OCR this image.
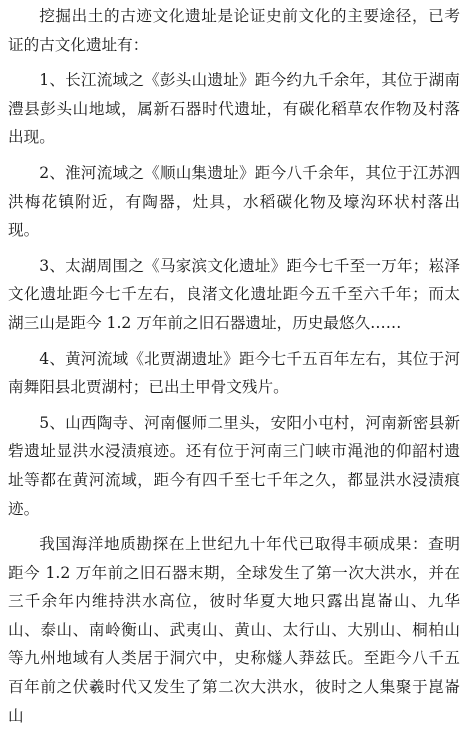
挖掘出土的古迹文化遗址是论证史前文化的主要途径，已考证的古文化遗址有：

1、长江流域之《彭头山遗址》距今约九千余年，其位于湖南澧县彭头山地域，属新石器时代遗址，有碳化稻草农作物及村落出现。

2、淮河流域之《顺山集遗址》距今八千余年，其位于江苏泗洪梅花镇附近，有陶器，灶具，水稻碳化物及壕沟环状村落出现。

3、太湖周围之《马家滨文化遗址》距今七千至一万年；崧泽文化遗址距今七千左右，良渚文化遗址距今五千至六千年；而太湖三山是距今 1.2 万年前之旧石器遗址，历史最悠久……

4、黄河流域《北贾湖遗址》距今七千五百年左右，其位于河南舞阳县北贾湖村；已出土甲骨文残片。

5、山西陶寺、河南偃师二里头，安阳小屯村，河南新密县新砦遗址显洪水浸渍痕迹。还有位于河南三门峡市渑池的仰韶村遗址等都在黄河流域，距今有四千至七千年之久，都显洪水浸渍痕迹。

我国海洋地质勘探在上世纪九十年代已取得丰硕成果：查明距今 1.2 万年前之旧石器末期，全球发生了第一次大洪水，并在三千余年内维持洪水高位，彼时华夏大地只露出崑崙山、九华山、泰山、南岭衡山、武夷山、黄山、太行山、大别山、桐柏山等九州地域有人类居于洞穴中，史称燧人莽兹氏。至距今八千五百年前之伏羲时代又发生了第二次大洪水，彼时之人集聚于崑崙山
